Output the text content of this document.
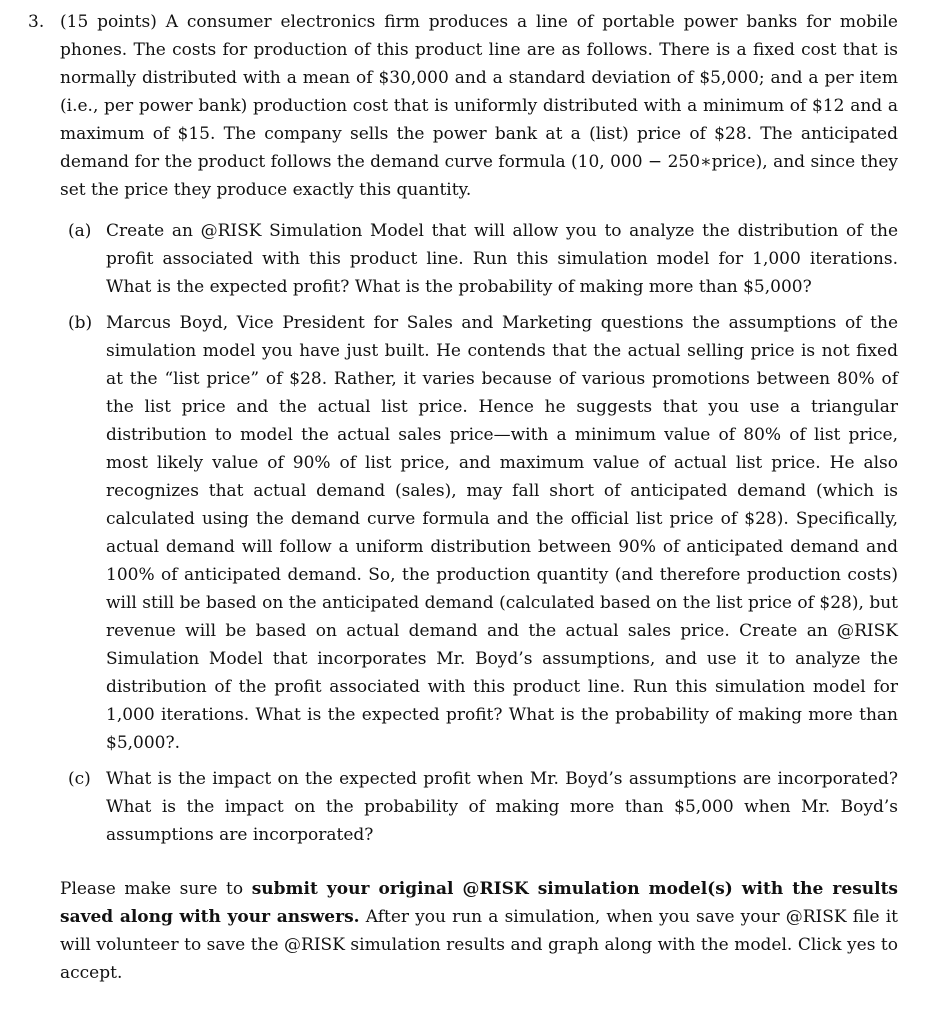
3. (15 points) A consumer electronics firm produces a line of portable power banks for mobile phones. The costs for production of this product line are as follows. There is a fixed cost that is normally distributed with a mean of $30,000 and a standard deviation of $5,000; and a per item (i.e., per power bank) production cost that is uniformly distributed with a minimum of $12 and a maximum of $15. The company sells the power bank at a (list) price of $28. The anticipated demand for the product follows the demand curve formula (10, 000 − 250∗price), and since they set the price they produce exactly this quantity.
(a) Create an @RISK Simulation Model that will allow you to analyze the distribution of the profit associated with this product line. Run this simulation model for 1,000 iterations. What is the expected profit? What is the probability of making more than $5,000?
(b) Marcus Boyd, Vice President for Sales and Marketing questions the assumptions of the simulation model you have just built. He contends that the actual selling price is not fixed at the “list price” of $28. Rather, it varies because of various promotions between 80% of the list price and the actual list price. Hence he suggests that you use a triangular distribution to model the actual sales price—with a minimum value of 80% of list price, most likely value of 90% of list price, and maximum value of actual list price. He also recognizes that actual demand (sales), may fall short of anticipated demand (which is calculated using the demand curve formula and the official list price of $28). Specifically, actual demand will follow a uniform distribution between 90% of anticipated demand and 100% of anticipated demand. So, the production quantity (and therefore production costs) will still be based on the anticipated demand (calculated based on the list price of $28), but revenue will be based on actual demand and the actual sales price. Create an @RISK Simulation Model that incorporates Mr. Boyd’s assumptions, and use it to analyze the distribution of the profit associated with this product line. Run this simulation model for 1,000 iterations. What is the expected profit? What is the probability of making more than $5,000?.
(c) What is the impact on the expected profit when Mr. Boyd’s assumptions are incorporated? What is the impact on the probability of making more than $5,000 when Mr. Boyd’s assumptions are incorporated?
Please make sure to submit your original @RISK simulation model(s) with the results saved along with your answers. After you run a simulation, when you save your @RISK file it will volunteer to save the @RISK simulation results and graph along with the model. Click yes to accept.
